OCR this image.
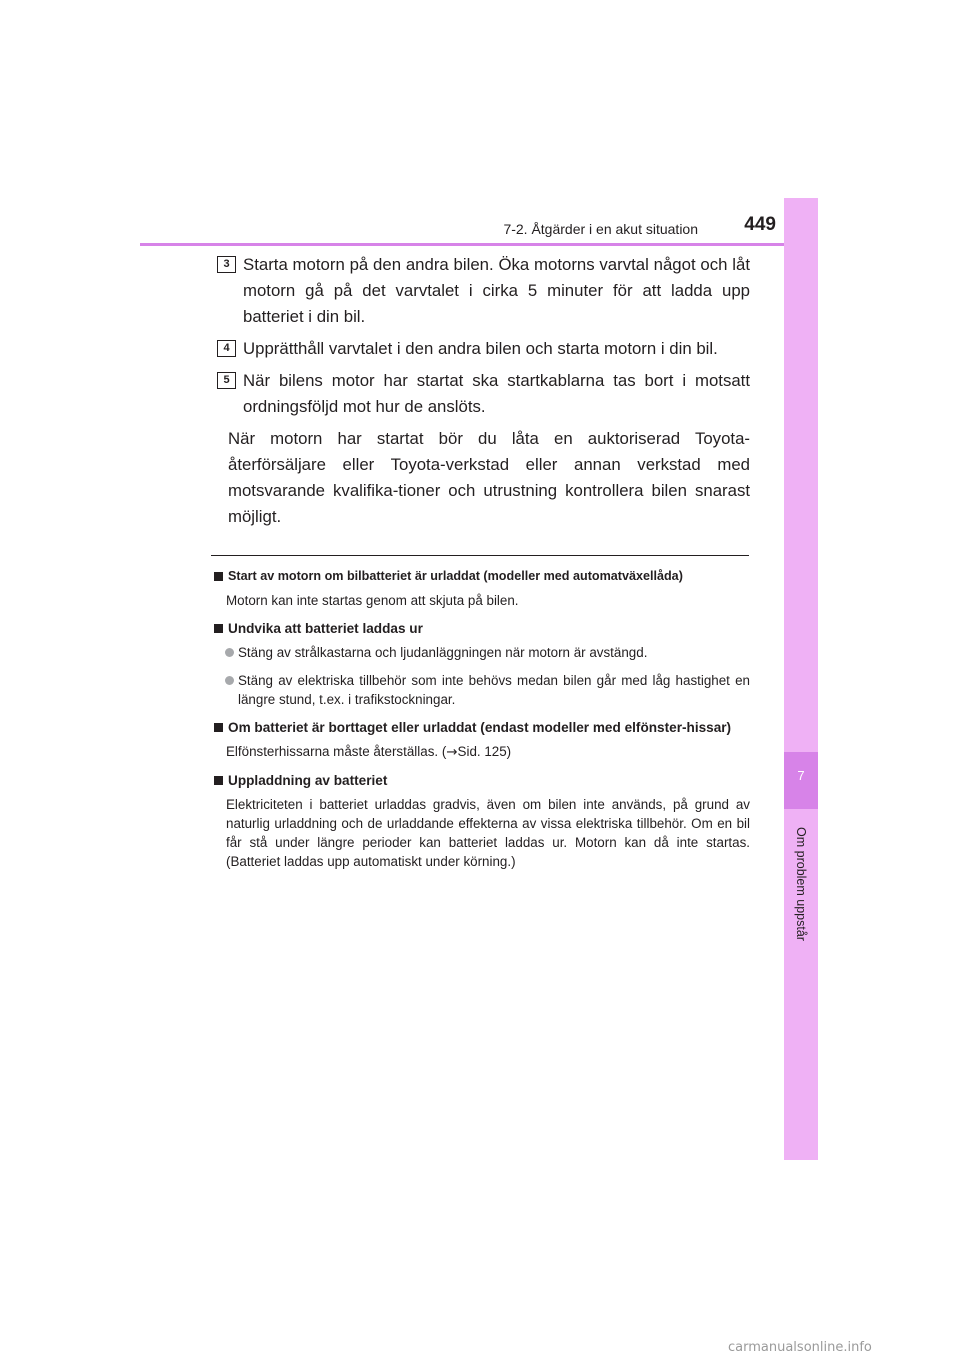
7-2. Åtgärder i en akut situation	449
7
Om problem uppstår
3 Starta motorn på den andra bilen. Öka motorns varvtal något och låt motorn gå på det varvtalet i cirka 5 minuter för att ladda upp batteriet i din bil.
4 Upprätthåll varvtalet i den andra bilen och starta motorn i din bil.
5 När bilens motor har startat ska startkablarna tas bort i motsatt ordningsföljd mot hur de anslöts.
När motorn har startat bör du låta en auktoriserad Toyota-återförsäljare eller Toyota-verkstad eller annan verkstad med motsvarande kvalifika-tioner och utrustning kontrollera bilen snarast möjligt.
Start av motorn om bilbatteriet är urladdat (modeller med automatväxellåda)
Motorn kan inte startas genom att skjuta på bilen.
Undvika att batteriet laddas ur
Stäng av strålkastarna och ljudanläggningen när motorn är avstängd.
Stäng av elektriska tillbehör som inte behövs medan bilen går med låg hastighet en längre stund, t.ex. i trafikstockningar.
Om batteriet är borttaget eller urladdat (endast modeller med elfönster-hissar)
Elfönsterhissarna måste återställas. (→Sid. 125)
Uppladdning av batteriet
Elektriciteten i batteriet urladdas gradvis, även om bilen inte används, på grund av naturlig urladdning och de urladdande effekterna av vissa elektriska tillbehör. Om en bil får stå under längre perioder kan batteriet laddas ur. Motorn kan då inte startas. (Batteriet laddas upp automatiskt under körning.)
carmanualsonline.info
